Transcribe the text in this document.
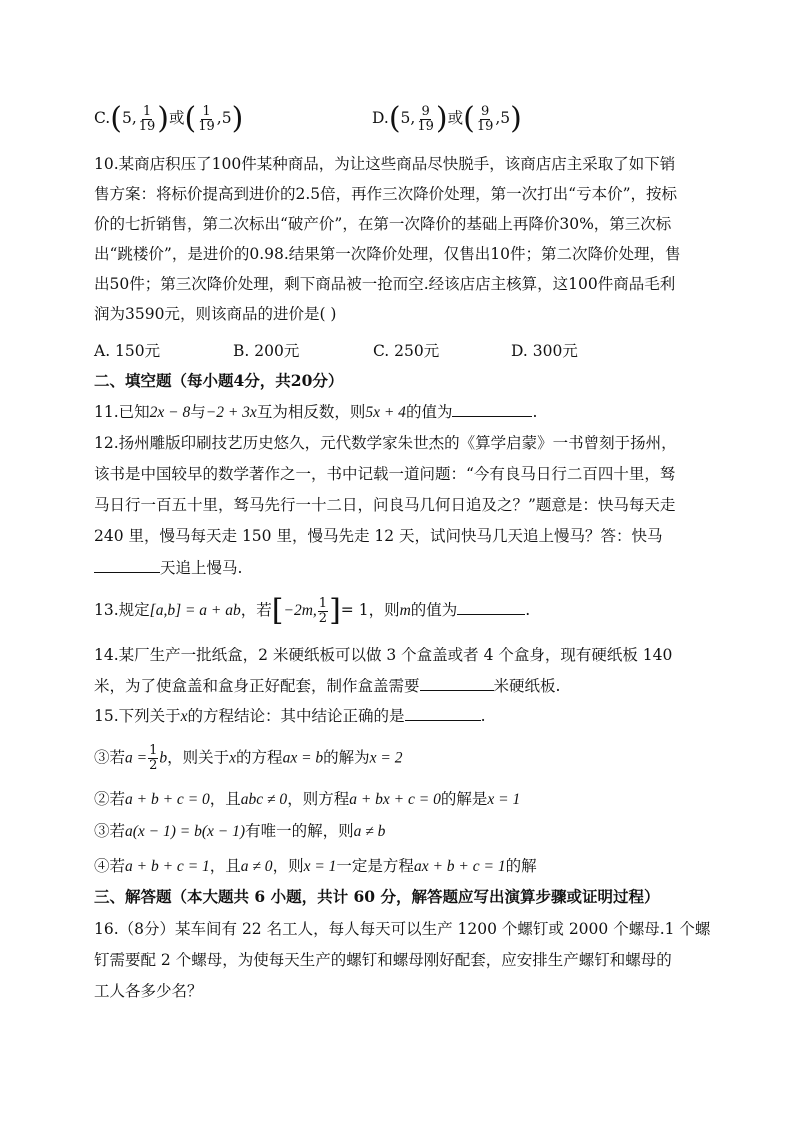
C.(5, $\frac{1}{19}$ )或( $\frac{1}{19} ,5$)	D.(5, $\frac{9}{19}$ )或( $\frac{9}{19} ,5$)
10.某商店积压了100件某种商品，为让这些商品尽快脱手，该商店店主采取了如下销
售方案：将标价提高到进价的2.5倍，再作三次降价处理，第一次打出“亏本价”，按标
价的七折销售，第二次标出“破产价”，在第一次降价的基础上再降价30%，第三次标
出“跳楼价”，是进价的0.98.结果第一次降价处理，仅售出10件；第二次降价处理，售
出50件；第三次降价处理，剩下商品被一抢而空.经该店店主核算，这100件商品毛利
润为3590元，则该商品的进价是( )
A. 150元	B. 200元	C. 250元	D. 300元
二、填空题（每小题4分，共20分）
11.已知2x − 8与−2 + 3x互为相反数，则5x + 4的值为	.
12.扬州雕版印刷技艺历史悠久，元代数学家朱世杰的《算学启蒙》一书曾刻于扬州，
该书是中国较早的数学著作之一，书中记载一道问题：“今有良马日行二百四十里，驽
马日行一百五十里，驽马先行一十二日，问良马几何日追及之？”题意是：快马每天走
240 里，慢马每天走 150 里，慢马先走 12 天，试问快马几天追上慢马？答：快马
天追上慢马.
13.规定[a,b] = a + ab，若[−2m, $\frac{1}{2}$ ]= 1，则m的值为	.
14.某厂生产一批纸盒，2 米硬纸板可以做 3 个盒盖或者 4 个盒身，现有硬纸板 140
米，为了使盒盖和盒身正好配套，制作盒盖需要	米硬纸板.
15.下列关于x的方程结论：其中结论正确的是	.
③若$a = \frac{1}{2}$ b，则关于x的方程ax = b的解为x = 2
②若a + b + c = 0，且abc ≠ 0，则方程a + bx + c = 0的解是x = 1
③若a(x − 1) = b(x − 1)有唯一的解，则a ≠ b
④若a + b + c = 1，且a ≠ 0，则x = 1一定是方程ax + b + c = 1的解
三、解答题（本大题共 6 小题，共计 60 分，解答题应写出演算步骤或证明过程）
16.（8分）某车间有 22 名工人，每人每天可以生产 1200 个螺钉或 2000 个螺母.1 个螺
钉需要配 2 个螺母，为使每天生产的螺钉和螺母刚好配套，应安排生产螺钉和螺母的
工人各多少名？
